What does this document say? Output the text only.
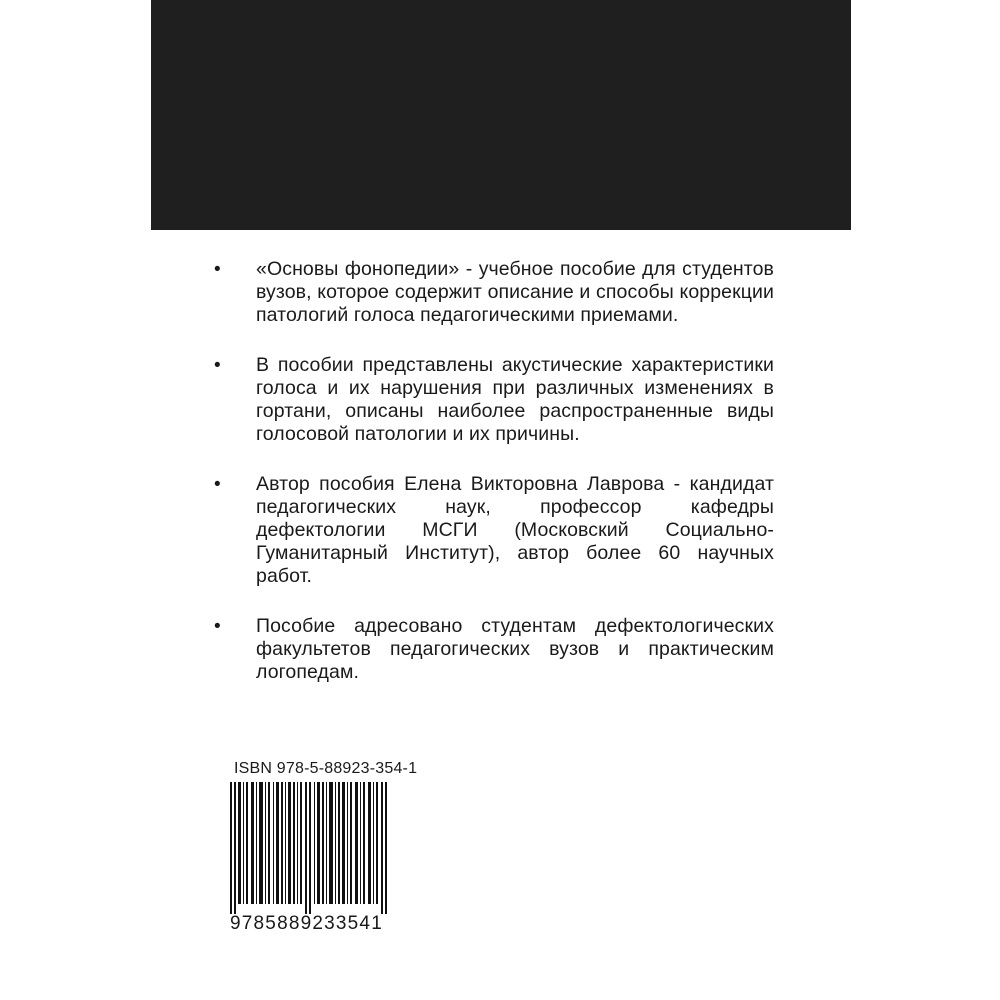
• «Основы фонопедии» - учебное пособие для студентов вузов, которое содержит описание и способы коррекции патологий голоса педагогическими приемами.
• В пособии представлены акустические характеристики голоса и их нарушения при различных изменениях в гортани, описаны наиболее распространенные виды голосовой патологии и их причины.
• Автор пособия Елена Викторовна Лаврова - кандидат педагогических наук, профессор кафедры дефектологии МСГИ (Московский Социально-Гуманитарный Институт), автор более 60 научных работ.
• Пособие адресовано студентам дефектологических факультетов педагогических вузов и практическим логопедам.
ISBN 978-5-88923-354-1
9785889233541
